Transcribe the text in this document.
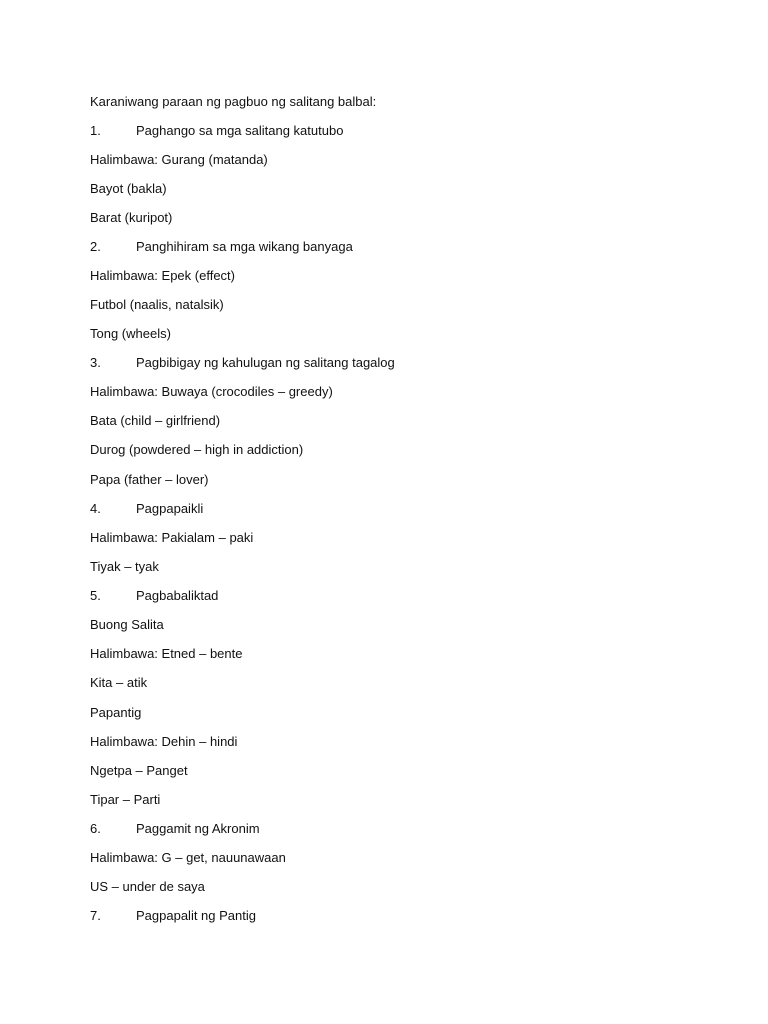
Karaniwang paraan ng pagbuo ng salitang balbal:
1.	Paghango sa mga salitang katutubo
Halimbawa: Gurang (matanda)
Bayot (bakla)
Barat (kuripot)
2.	Panghihiram sa mga wikang banyaga
Halimbawa: Epek (effect)
Futbol (naalis, natalsik)
Tong (wheels)
3.	Pagbibigay ng kahulugan ng salitang tagalog
Halimbawa: Buwaya (crocodiles – greedy)
Bata (child – girlfriend)
Durog (powdered – high in addiction)
Papa (father – lover)
4.	Pagpapaikli
Halimbawa: Pakialam – paki
Tiyak – tyak
5.	Pagbabaliktad
Buong Salita
Halimbawa: Etned – bente
Kita – atik
Papantig
Halimbawa: Dehin – hindi
Ngetpa – Panget
Tipar – Parti
6.	Paggamit ng Akronim
Halimbawa: G – get, nauunawaan
US – under de saya
7.	Pagpapalit ng Pantig
